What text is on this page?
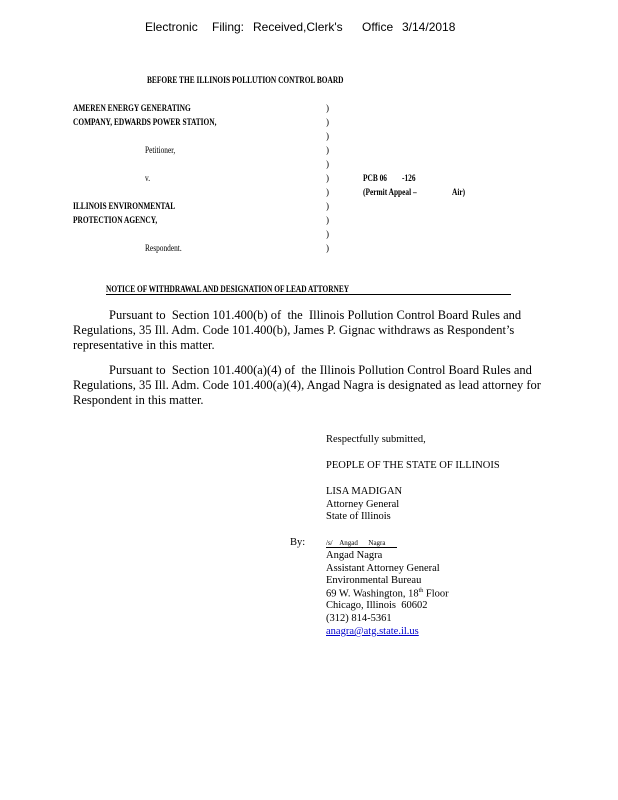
Electronic Filing: Received,Clerk's Office 3/14/2018
BEFORE THE ILLINOIS POLLUTION CONTROL BOARD
AMEREN ENERGY GENERATING
COMPANY, EDWARDS POWER STATION,
Petitioner,
v.
ILLINOIS ENVIRONMENTAL
PROTECTION AGENCY,
Respondent.
)
)
)
)
)
)
)
)
)
)
)
PCB 06 -126
(Permit Appeal –	Air)
NOTICE OF WITHDRAWAL AND DESIGNATION OF LEAD ATTORNEY
Pursuant to  Section 101.400(b) of  the  Illinois Pollution Control Board Rules and
Regulations, 35 Ill. Adm. Code 101.400(b), James P. Gignac withdraws as Respondent’s
representative in this matter.
Pursuant to  Section 101.400(a)(4) of  the Illinois Pollution Control Board Rules and
Regulations, 35 Ill. Adm. Code 101.400(a)(4), Angad Nagra is designated as lead attorney for
Respondent in this matter.
Respectfully submitted,
PEOPLE OF THE STATE OF ILLINOIS
LISA MADIGAN
Attorney General
State of Illinois
By:	/s/    Angad      Nagra
Angad Nagra
Assistant Attorney General
Environmental Bureau
69 W. Washington, 18th Floor
Chicago, Illinois  60602
(312) 814-5361
anagra@atg.state.il.us
